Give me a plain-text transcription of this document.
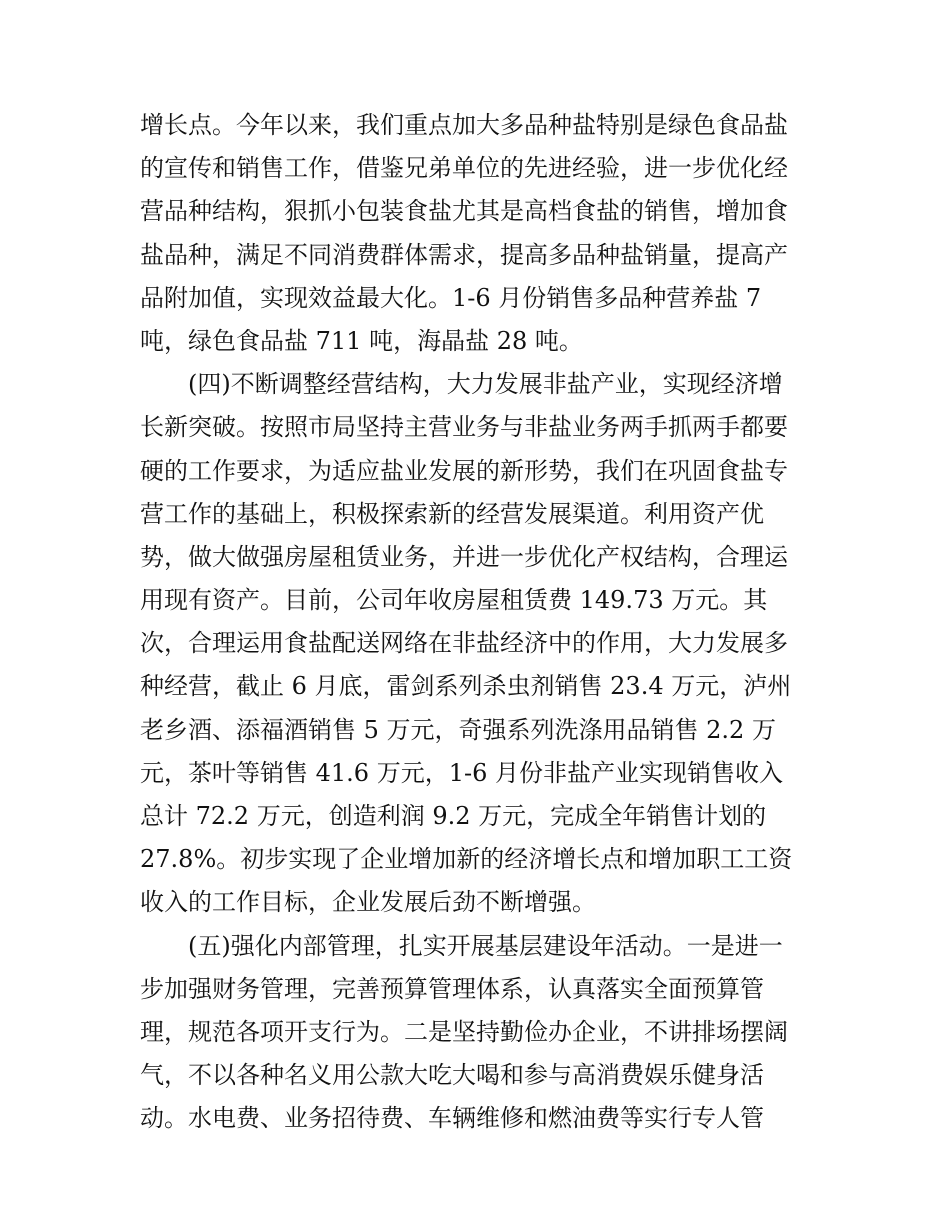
增长点。今年以来，我们重点加大多品种盐特别是绿色食品盐
的宣传和销售工作，借鉴兄弟单位的先进经验，进一步优化经
营品种结构，狠抓小包装食盐尤其是高档食盐的销售，增加食
盐品种，满足不同消费群体需求，提高多品种盐销量，提高产
品附加值，实现效益最大化。1-6 月份销售多品种营养盐 7
吨，绿色食品盐 711 吨，海晶盐 28 吨。
　　(四)不断调整经营结构，大力发展非盐产业，实现经济增
长新突破。按照市局坚持主营业务与非盐业务两手抓两手都要
硬的工作要求，为适应盐业发展的新形势，我们在巩固食盐专
营工作的基础上，积极探索新的经营发展渠道。利用资产优
势，做大做强房屋租赁业务，并进一步优化产权结构，合理运
用现有资产。目前，公司年收房屋租赁费 149.73 万元。其
次，合理运用食盐配送网络在非盐经济中的作用，大力发展多
种经营，截止 6 月底，雷剑系列杀虫剂销售 23.4 万元，泸州
老乡酒、添福酒销售 5 万元，奇强系列洗涤用品销售 2.2 万
元，茶叶等销售 41.6 万元，1-6 月份非盐产业实现销售收入
总计 72.2 万元，创造利润 9.2 万元，完成全年销售计划的
27.8%。初步实现了企业增加新的经济增长点和增加职工工资
收入的工作目标，企业发展后劲不断增强。
　　(五)强化内部管理，扎实开展基层建设年活动。一是进一
步加强财务管理，完善预算管理体系，认真落实全面预算管
理，规范各项开支行为。二是坚持勤俭办企业，不讲排场摆阔
气，不以各种名义用公款大吃大喝和参与高消费娱乐健身活
动。水电费、业务招待费、车辆维修和燃油费等实行专人管
